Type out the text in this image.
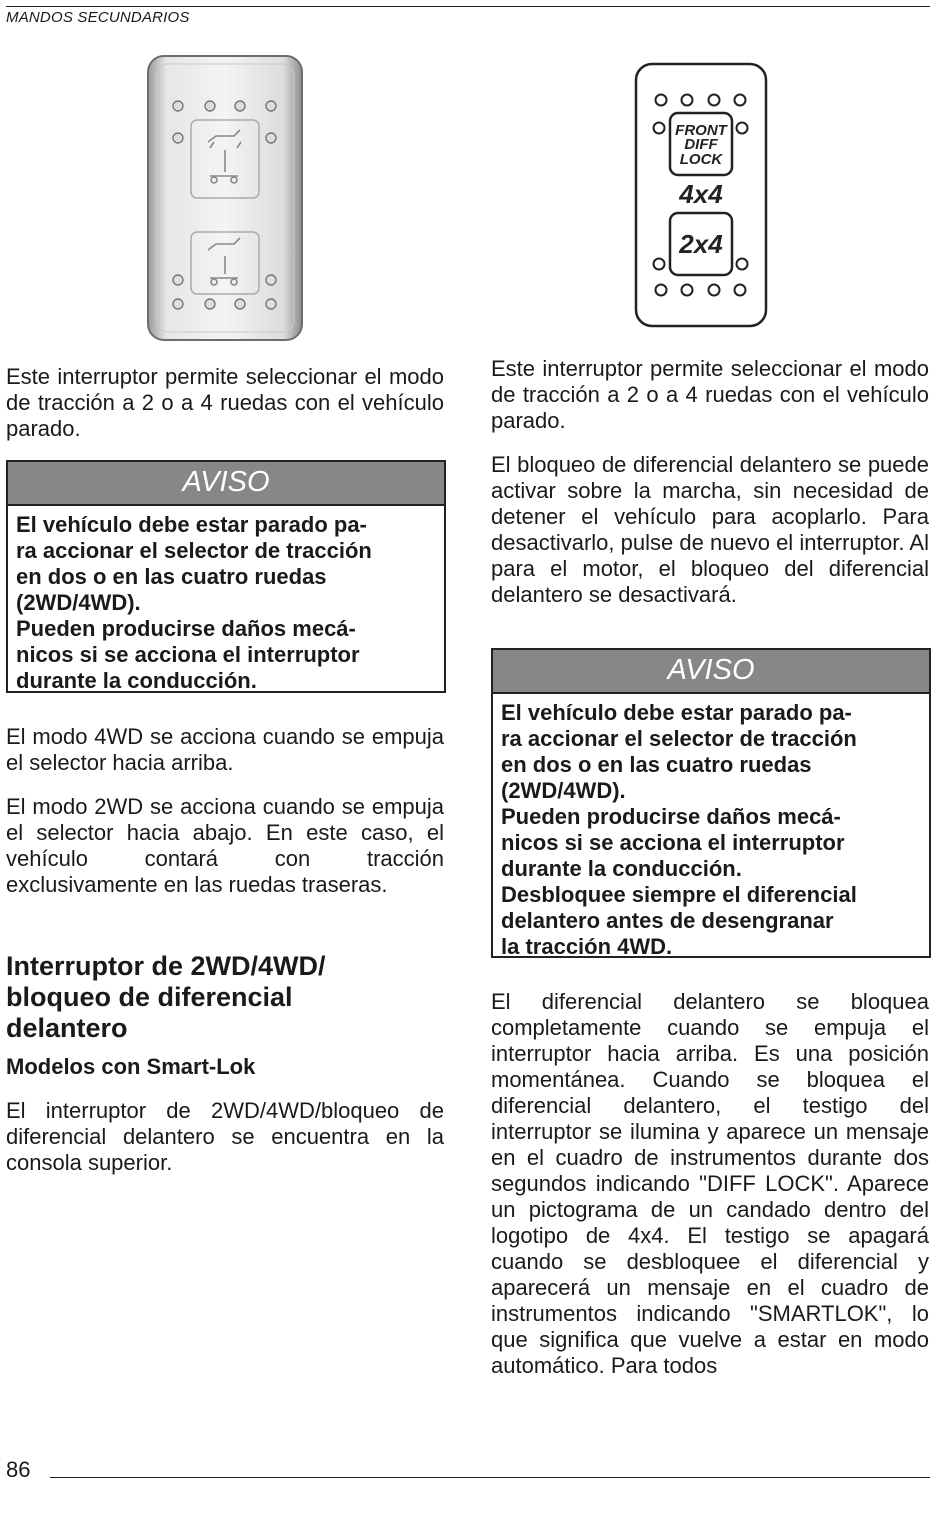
MANDOS SECUNDARIOS

Este interruptor permite seleccionar el modo de tracción a 2 o a 4 ruedas con el vehículo parado.

AVISO
El vehículo debe estar parado pa-
ra accionar el selector de tracción
en dos o en las cuatro ruedas
(2WD/4WD).
Pueden producirse daños mecá-
nicos si se acciona el interruptor
durante la conducción.

El modo 4WD se acciona cuando se empuja el selector hacia arriba.

El modo 2WD se acciona cuando se empuja el selector hacia abajo. En este caso, el vehículo contará con tracción exclusivamente en las ruedas traseras.

Interruptor de 2WD/4WD/
bloqueo de diferencial
delantero
Modelos con Smart-Lok

El interruptor de 2WD/4WD/bloqueo de diferencial delantero se encuentra en la consola superior.

FRONT
DIFF
LOCK
4x4
2x4

Este interruptor permite seleccionar el modo de tracción a 2 o a 4 ruedas con el vehículo parado.

El bloqueo de diferencial delantero se puede activar sobre la marcha, sin necesidad de detener el vehículo para acoplarlo. Para desactivarlo, pulse de nuevo el interruptor. Al para el motor, el bloqueo del diferencial delantero se desactivará.

AVISO
El vehículo debe estar parado pa-
ra accionar el selector de tracción
en dos o en las cuatro ruedas
(2WD/4WD).
Pueden producirse daños mecá-
nicos si se acciona el interruptor
durante la conducción.
Desbloquee siempre el diferencial
delantero antes de desengranar
la tracción 4WD.

El diferencial delantero se bloquea completamente cuando se empuja el interruptor hacia arriba. Es una posición momentánea. Cuando se bloquea el diferencial delantero, el testigo del interruptor se ilumina y aparece un mensaje en el cuadro de instrumentos durante dos segundos indicando "DIFF LOCK". Aparece un pictograma de un candado dentro del logotipo de 4x4. El testigo se apagará cuando se desbloquee el diferencial y aparecerá un mensaje en el cuadro de instrumentos indicando "SMARTLOK", lo que significa que vuelve a estar en modo automático. Para todos

86
